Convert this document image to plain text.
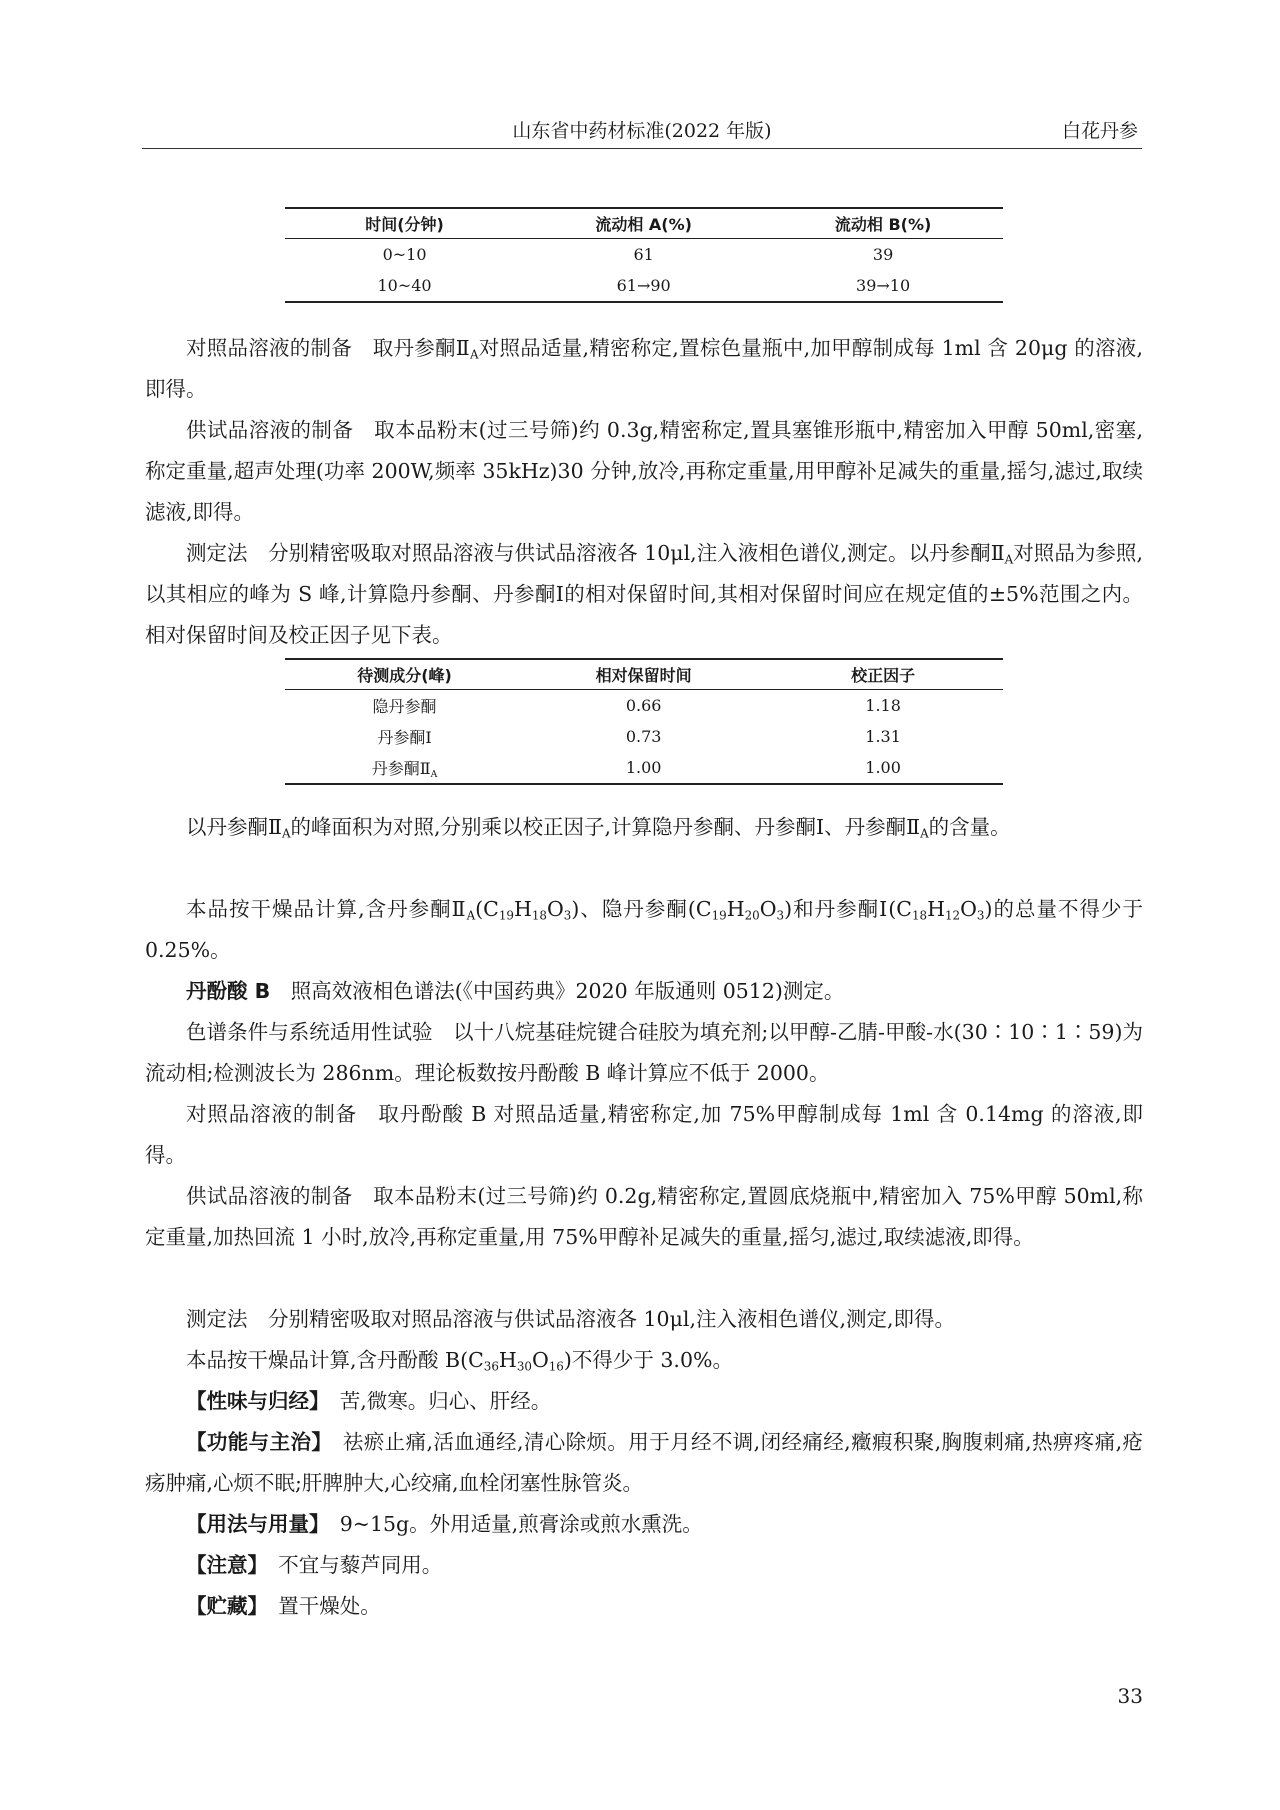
山东省中药材标准(2022 年版)	白花丹参
时间(分钟)	流动相 A(%)	流动相 B(%)
0~10	61	39
10~40	61→90	39→10

对照品溶液的制备　取丹参酮$Ⅱ_A$对照品适量,精密称定,置棕色量瓶中,加甲醇制成每 1ml 含 20μg 的溶液,即得。

供试品溶液的制备　取本品粉末(过三号筛)约 0.3g,精密称定,置具塞锥形瓶中,精密加入甲醇 50ml,密塞,称定重量,超声处理(功率 200W,频率 35kHz)30 分钟,放冷,再称定重量,用甲醇补足减失的重量,摇匀,滤过,取续滤液,即得。

测定法　分别精密吸取对照品溶液与供试品溶液各 10μl,注入液相色谱仪,测定。以丹参酮$Ⅱ_A$对照品为参照,以其相应的峰为 S 峰,计算隐丹参酮、丹参酮Ⅰ的相对保留时间,其相对保留时间应在规定值的±5%范围之内。相对保留时间及校正因子见下表。

待测成分(峰)	相对保留时间	校正因子
隐丹参酮	0.66	1.18
丹参酮Ⅰ	0.73	1.31
丹参酮$Ⅱ_A$	1.00	1.00

以丹参酮$Ⅱ_A$的峰面积为对照,分别乘以校正因子,计算隐丹参酮、丹参酮Ⅰ、丹参酮$Ⅱ_A$的含量。

本品按干燥品计算,含丹参酮$Ⅱ_A(C_{19}H_{18}O_3)$、隐丹参酮$(C_{19}H_{20}O_3)$和丹参酮$Ⅰ(C_{18}H_{12}O_3)$的总量不得少于 0.25%。

丹酚酸 B　 照高效液相色谱法(《中国药典》2020 年版通则 0512)测定。

色谱条件与系统适用性试验　以十八烷基硅烷键合硅胶为填充剂;以甲醇-乙腈-甲酸-水(30∶10∶1∶59)为流动相;检测波长为 286nm。理论板数按丹酚酸 B 峰计算应不低于 2000。

对照品溶液的制备　取丹酚酸 B 对照品适量,精密称定,加 75%甲醇制成每 1ml 含 0.14mg 的溶液,即得。

供试品溶液的制备　取本品粉末(过三号筛)约 0.2g,精密称定,置圆底烧瓶中,精密加入 75%甲醇 50ml,称定重量,加热回流 1 小时,放冷,再称定重量,用 75%甲醇补足减失的重量,摇匀,滤过,取续滤液,即得。

测定法　分别精密吸取对照品溶液与供试品溶液各 10μl,注入液相色谱仪,测定,即得。

本品按干燥品计算,含丹酚酸 $B(C_{36}H_{30}O_{16})$不得少于 3.0%。

【性味与归经】　苦,微寒。归心、肝经。

【功能与主治】　祛瘀止痛,活血通经,清心除烦。用于月经不调,闭经痛经,癥瘕积聚,胸腹刺痛,热痹疼痛,疮疡肿痛,心烦不眠;肝脾肿大,心绞痛,血栓闭塞性脉管炎。

【用法与用量】　9~15g。外用适量,煎膏涂或煎水熏洗。

【注意】　不宜与藜芦同用。

【贮藏】　置干燥处。

33
